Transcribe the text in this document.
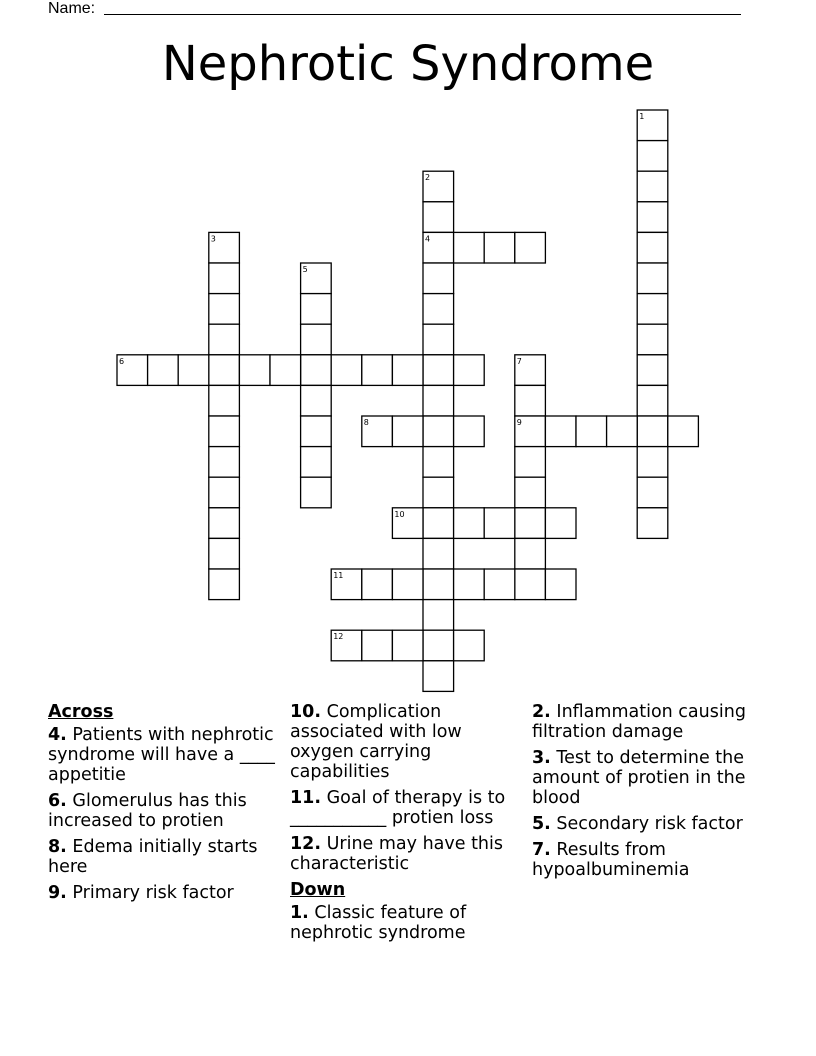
Name:
Nephrotic Syndrome
1
2
3	4
5
6	7
8	9
10
11
12

Across

4. Patients with nephrotic syndrome will have a ____ appetitie

6. Glomerulus has this increased to protien

8. Edema initially starts here

9. Primary risk factor

10. Complication associated with low oxygen carrying capabilities

11. Goal of therapy is to ___________ protien loss

12. Urine may have this characteristic

Down

1. Classic feature of nephrotic syndrome

2. Inflammation causing filtration damage

3. Test to determine the amount of protien in the blood

5. Secondary risk factor

7. Results from hypoalbuminemia
